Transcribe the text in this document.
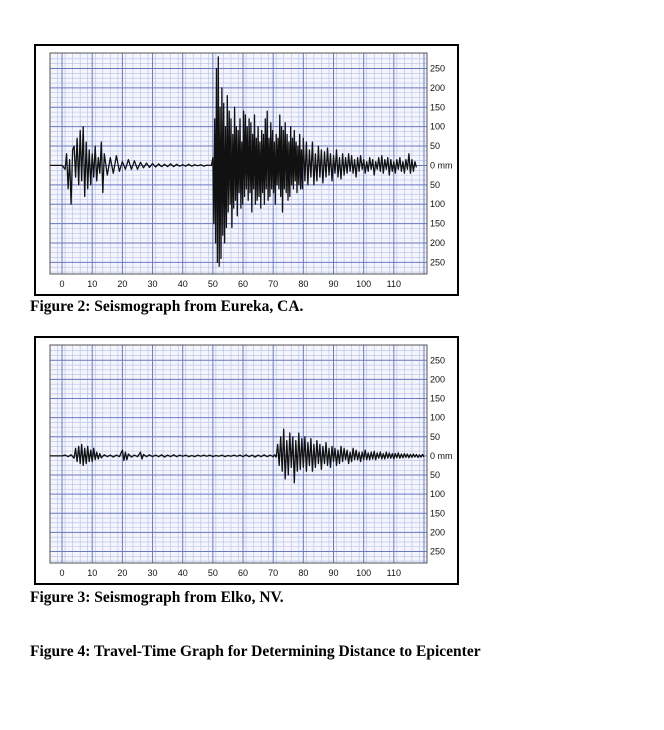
250
200
150
100
50
0 mm
50
100
150
200
250
0	10 20 30 40 50 60 70 80 90 100 110
Figure 2: Seismograph from Eureka, CA.
250
200
150
100
50
0 mm
50
100
150
200
250
0	10 20 30 40 50 60 70 80 90 100 110
Figure 3: Seismograph from Elko, NV.
Figure 4: Travel-Time Graph for Determining Distance to Epicenter
